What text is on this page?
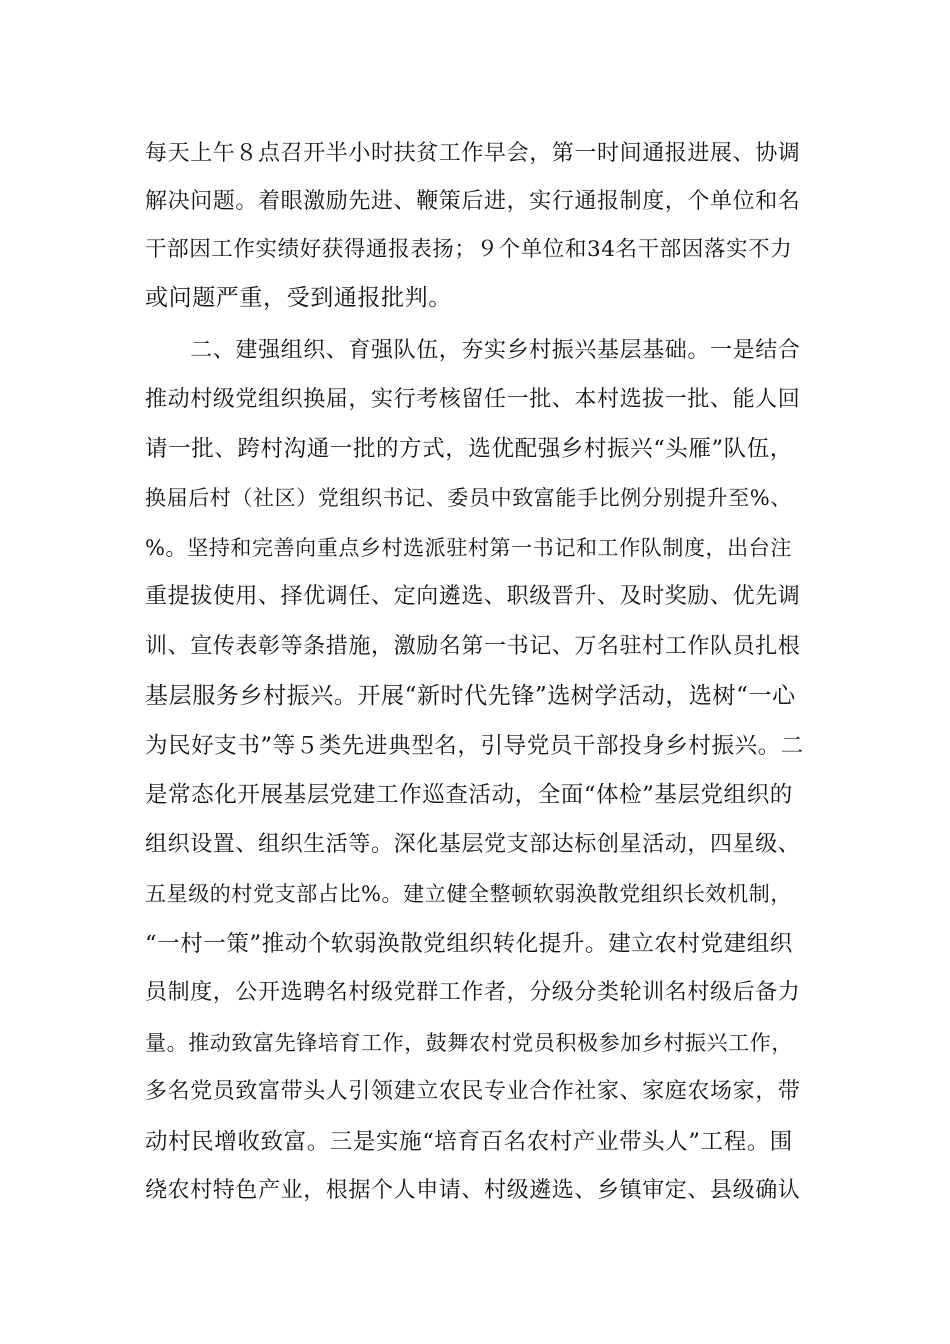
每天上午８点召开半小时扶贫工作早会，第一时间通报进展、协调
解决问题。着眼激励先进、鞭策后进，实行通报制度，个单位和名
干部因工作实绩好获得通报表扬；９个单位和34名干部因落实不力
或问题严重，受到通报批判。
　　二、建强组织、育强队伍，夯实乡村振兴基层基础。一是结合
推动村级党组织换届，实行考核留任一批、本村选拔一批、能人回
请一批、跨村沟通一批的方式，选优配强乡村振兴“头雁”队伍，
换届后村（社区）党组织书记、委员中致富能手比例分别提升至%、
%。坚持和完善向重点乡村选派驻村第一书记和工作队制度，出台注
重提拔使用、择优调任、定向遴选、职级晋升、及时奖励、优先调
训、宣传表彰等条措施，激励名第一书记、万名驻村工作队员扎根
基层服务乡村振兴。开展“新时代先锋”选树学活动，选树“一心
为民好支书”等５类先进典型名，引导党员干部投身乡村振兴。二
是常态化开展基层党建工作巡查活动，全面“体检”基层党组织的
组织设置、组织生活等。深化基层党支部达标创星活动，四星级、
五星级的村党支部占比%。建立健全整顿软弱涣散党组织长效机制，
“一村一策”推动个软弱涣散党组织转化提升。建立农村党建组织
员制度，公开选聘名村级党群工作者，分级分类轮训名村级后备力
量。推动致富先锋培育工作，鼓舞农村党员积极参加乡村振兴工作，
多名党员致富带头人引领建立农民专业合作社家、家庭农场家，带
动村民增收致富。三是实施“培育百名农村产业带头人”工程。围
绕农村特色产业，根据个人申请、村级遴选、乡镇审定、县级确认
